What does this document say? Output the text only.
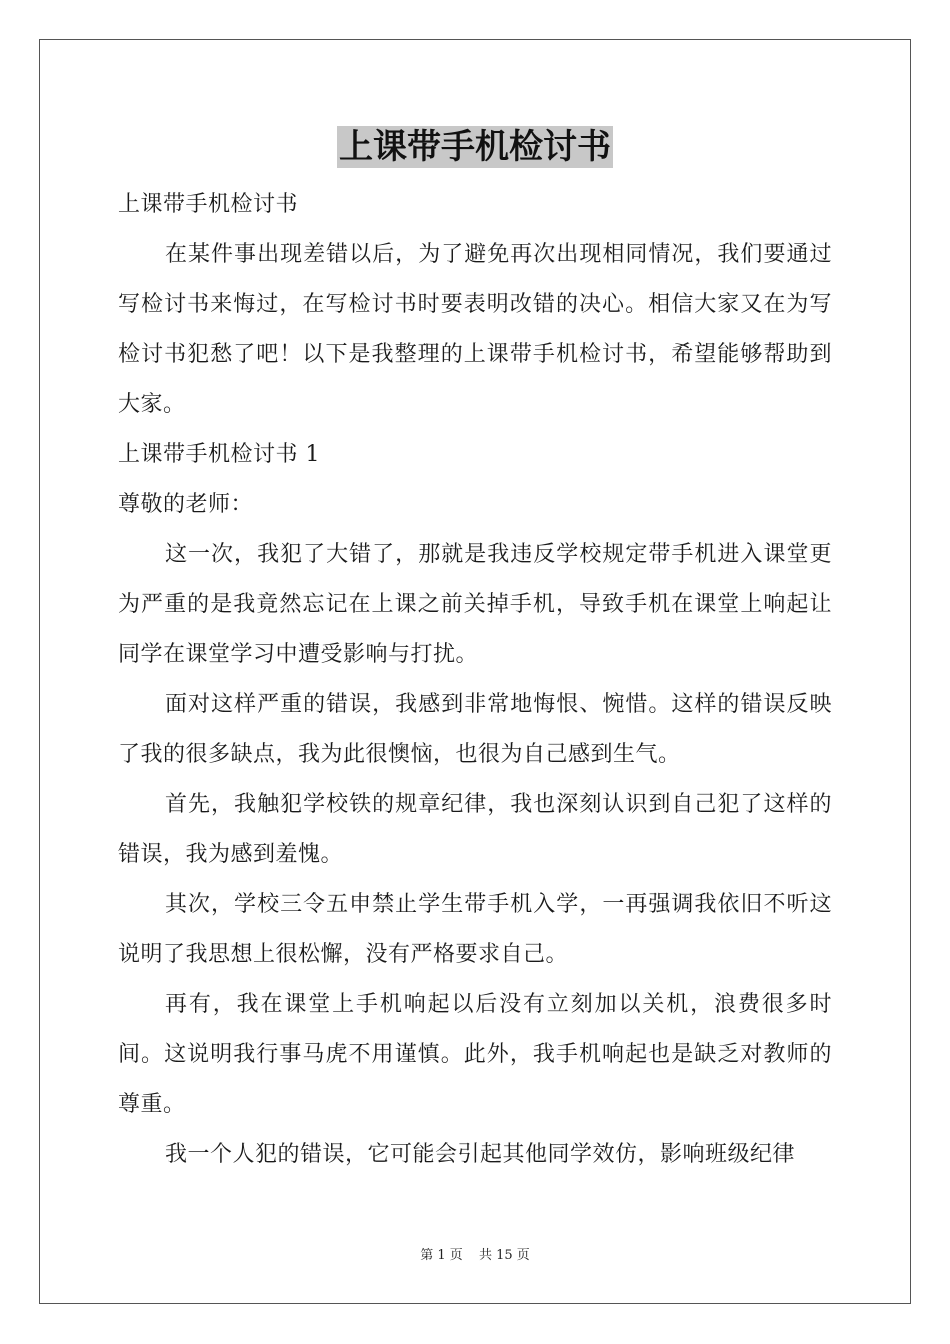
上课带手机检讨书

上课带手机检讨书

在某件事出现差错以后，为了避免再次出现相同情况，我们要通过写检讨书来悔过，在写检讨书时要表明改错的决心。相信大家又在为写检讨书犯愁了吧！以下是我整理的上课带手机检讨书，希望能够帮助到大家。

上课带手机检讨书 1

尊敬的老师：

这一次，我犯了大错了，那就是我违反学校规定带手机进入课堂更为严重的是我竟然忘记在上课之前关掉手机，导致手机在课堂上响起让同学在课堂学习中遭受影响与打扰。

面对这样严重的错误，我感到非常地悔恨、惋惜。这样的错误反映了我的很多缺点，我为此很懊恼，也很为自己感到生气。

首先，我触犯学校铁的规章纪律，我也深刻认识到自己犯了这样的错误，我为感到羞愧。

其次，学校三令五申禁止学生带手机入学，一再强调我依旧不听这说明了我思想上很松懈，没有严格要求自己。

再有，我在课堂上手机响起以后没有立刻加以关机，浪费很多时间。这说明我行事马虎不用谨慎。此外，我手机响起也是缺乏对教师的尊重。

我一个人犯的错误，它可能会引起其他同学效仿，影响班级纪律

第 1 页 共 15 页
